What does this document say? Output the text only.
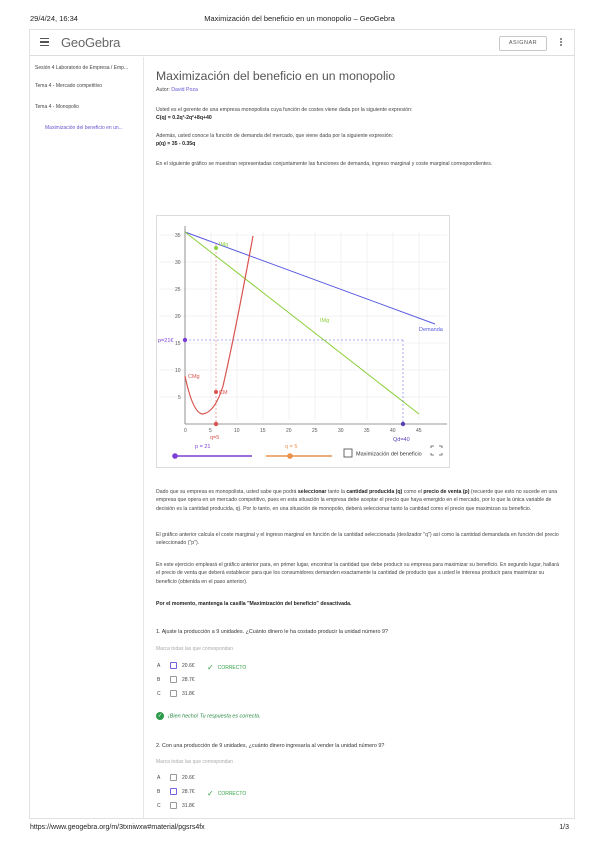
29/4/24, 16:34	Maximización del beneficio en un monopolio – GeoGebra
GeoGebra	ASIGNAR
Sesión 4 Laboratorio de Empresa / Emp...
Tema 4 - Mercado competitivo
Tema 4 - Monopolio
Maximización del beneficio en un...
Maximización del beneficio en un monopolio
Autor: David Poza
Usted es el gerente de una empresa monopolista cuya función de costes viene dada por la siguiente expresión:
C(q) = 0.2q³-2q²+8q+40
Además, usted conoce la función de demanda del mercado, que viene dada por la siguiente expresión:
p(q) = 35 - 0.35q
En el siguiente gráfico se muestran representadas conjuntamente las funciones de demanda, ingreso marginal y coste marginal correspondientes.
0	5	10	15	20	25	30	35	40	45
35
30
25
20
15
10
5
IMg
Demanda
IMg
CMg
p=21€
q=5	Qd=40
CM
p = 21	q = 5
Maximización del beneficio
Dado que su empresa es monopolista, usted sabe que podrá seleccionar tanto la cantidad producida (q) como el precio de venta (p) (recuerde que esto no sucede en una empresa que opera en un mercado competitivo, pues en esta situación la empresa debe aceptar el precio que haya emergido en el mercado, por lo que la única variable de decisión es la cantidad producida, q). Por lo tanto, en una situación de monopolio, deberá seleccionar tanto la cantidad como el precio que maximizan su beneficio.
El gráfico anterior calcula el coste marginal y el ingreso marginal en función de la cantidad seleccionada (deslizador "q") así como la cantidad demandada en función del precio seleccionado ("p").
En este ejercicio empleará el gráfico anterior para, en primer lugar, encontrar la cantidad que debe producir su empresa para maximizar su beneficio. En segundo lugar, hallará el precio de venta que deberá establecer para que los consumidores demanden exactamente la cantidad de producto que a usted le interesa producir para maximizar su beneficio (obtenida en el paso anterior).
Por el momento, mantenga la casilla "Maximización del beneficio" desactivada.
1. Ajuste la producción a 9 unidades. ¿Cuánto dinero le ha costado producir la unidad número 9?
Marca todas las que correspondan
A	20.6€ ✓ CORRECTO
B	28.7€
C	31.8€
✓ ¡Bien hecho! Tu respuesta es correcta.
2. Con una producción de 9 unidades, ¿cuánto dinero ingresaría al vender la unidad número 9?
Marca todas las que correspondan
A	20.6€
B	28.7€ ✓ CORRECTO
C	31.8€
https://www.geogebra.org/m/3txniwxw#material/pgsrs4fx	1/3
